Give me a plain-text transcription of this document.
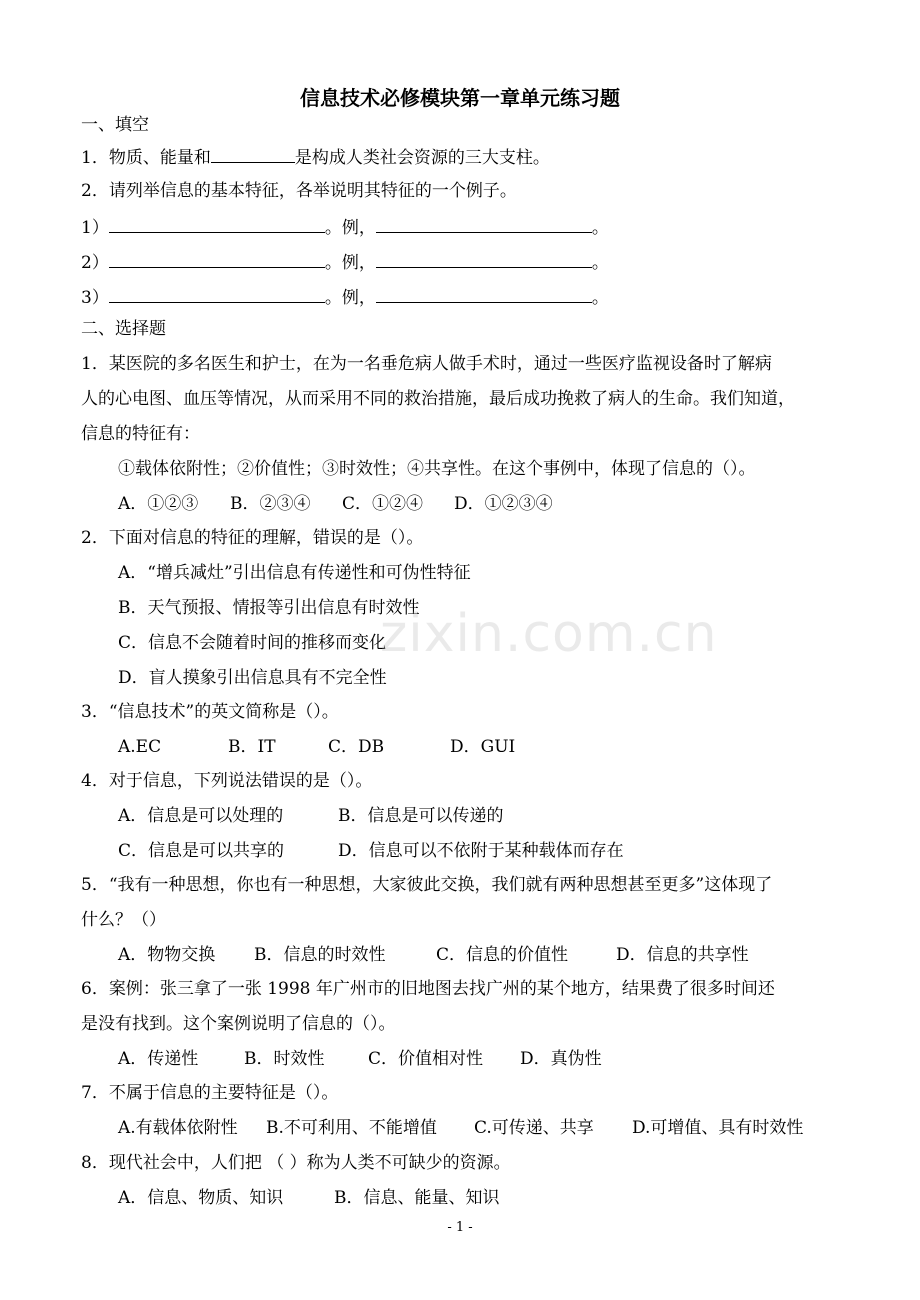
信息技术必修模块第一章单元练习题
一、填空
1．物质、能量和	是构成人类社会资源的三大支柱。
2．请列举信息的基本特征，各举说明其特征的一个例子。
1）	。例，	。
2）	。例，	。
3）	。例，	。
二、选择题
1．某医院的多名医生和护士，在为一名垂危病人做手术时，通过一些医疗监视设备时了解病
人的心电图、血压等情况，从而采用不同的救治措施，最后成功挽救了病人的生命。我们知道，
信息的特征有：
①载体依附性；②价值性；③时效性；④共享性。在这个事例中，体现了信息的（）。
A．①②③ B．②③④ C．①②④ D．①②③④
2．下面对信息的特征的理解，错误的是（）。
A．“增兵减灶”引出信息有传递性和可伪性特征
B．天气预报、情报等引出信息有时效性
C．信息不会随着时间的推移而变化
D．盲人摸象引出信息具有不完全性
3．“信息技术”的英文简称是（）。
A.EC	B．IT	C．DB	D．GUI
4．对于信息，下列说法错误的是（）。
A．信息是可以处理的	B．信息是可以传递的
C．信息是可以共享的	D．信息可以不依附于某种载体而存在
5．“我有一种思想，你也有一种思想，大家彼此交换，我们就有两种思想甚至更多”这体现了
什么？（）
A．物物交换 B．信息的时效性	C．信息的价值性	D．信息的共享性
6．案例：张三拿了一张 1998 年广州市的旧地图去找广州的某个地方，结果费了很多时间还
是没有找到。这个案例说明了信息的（）。
A．传递性	B．时效性	C．价值相对性 D．真伪性
7．不属于信息的主要特征是（）。
A.有载体依附性 B.不可利用、不能增值 C.可传递、共享 D.可增值、具有时效性
8．现代社会中，人们把 （ ）称为人类不可缺少的资源。
A．信息、物质、知识	B．信息、能量、知识
zixin.com.cn
- 1 -
